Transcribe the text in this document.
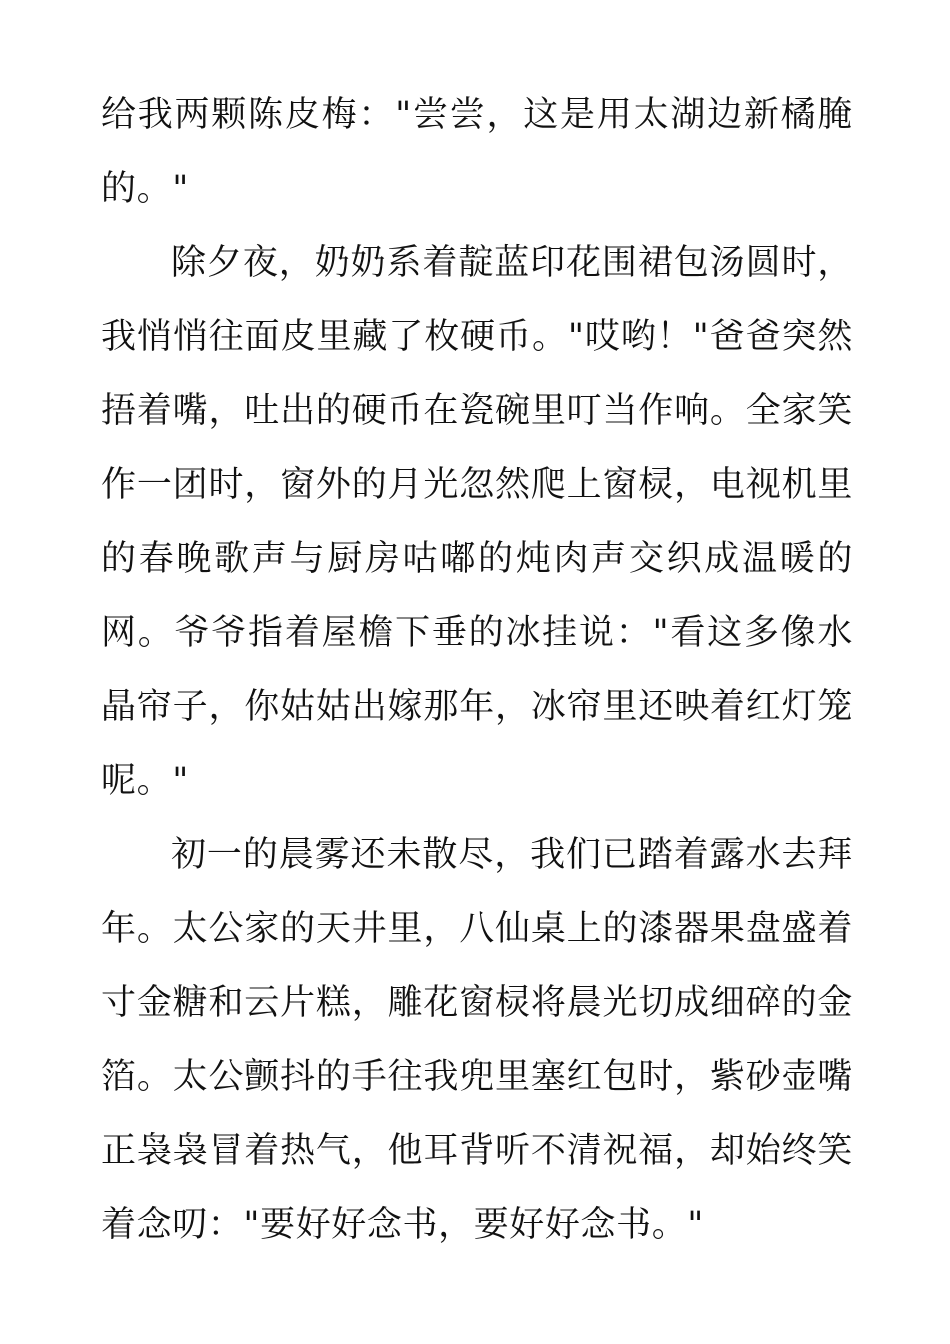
给我两颗陈皮梅："尝尝，这是用太湖边新橘腌的。"

除夕夜，奶奶系着靛蓝印花围裙包汤圆时，我悄悄往面皮里藏了枚硬币。"哎哟！"爸爸突然捂着嘴，吐出的硬币在瓷碗里叮当作响。全家笑作一团时，窗外的月光忽然爬上窗棂，电视机里的春晚歌声与厨房咕嘟的炖肉声交织成温暖的网。爷爷指着屋檐下垂的冰挂说："看这多像水晶帘子，你姑姑出嫁那年，冰帘里还映着红灯笼呢。"

初一的晨雾还未散尽，我们已踏着露水去拜年。太公家的天井里，八仙桌上的漆器果盘盛着寸金糖和云片糕，雕花窗棂将晨光切成细碎的金箔。太公颤抖的手往我兜里塞红包时，紫砂壶嘴正袅袅冒着热气，他耳背听不清祝福，却始终笑着念叨："要好好念书，要好好念书。"
